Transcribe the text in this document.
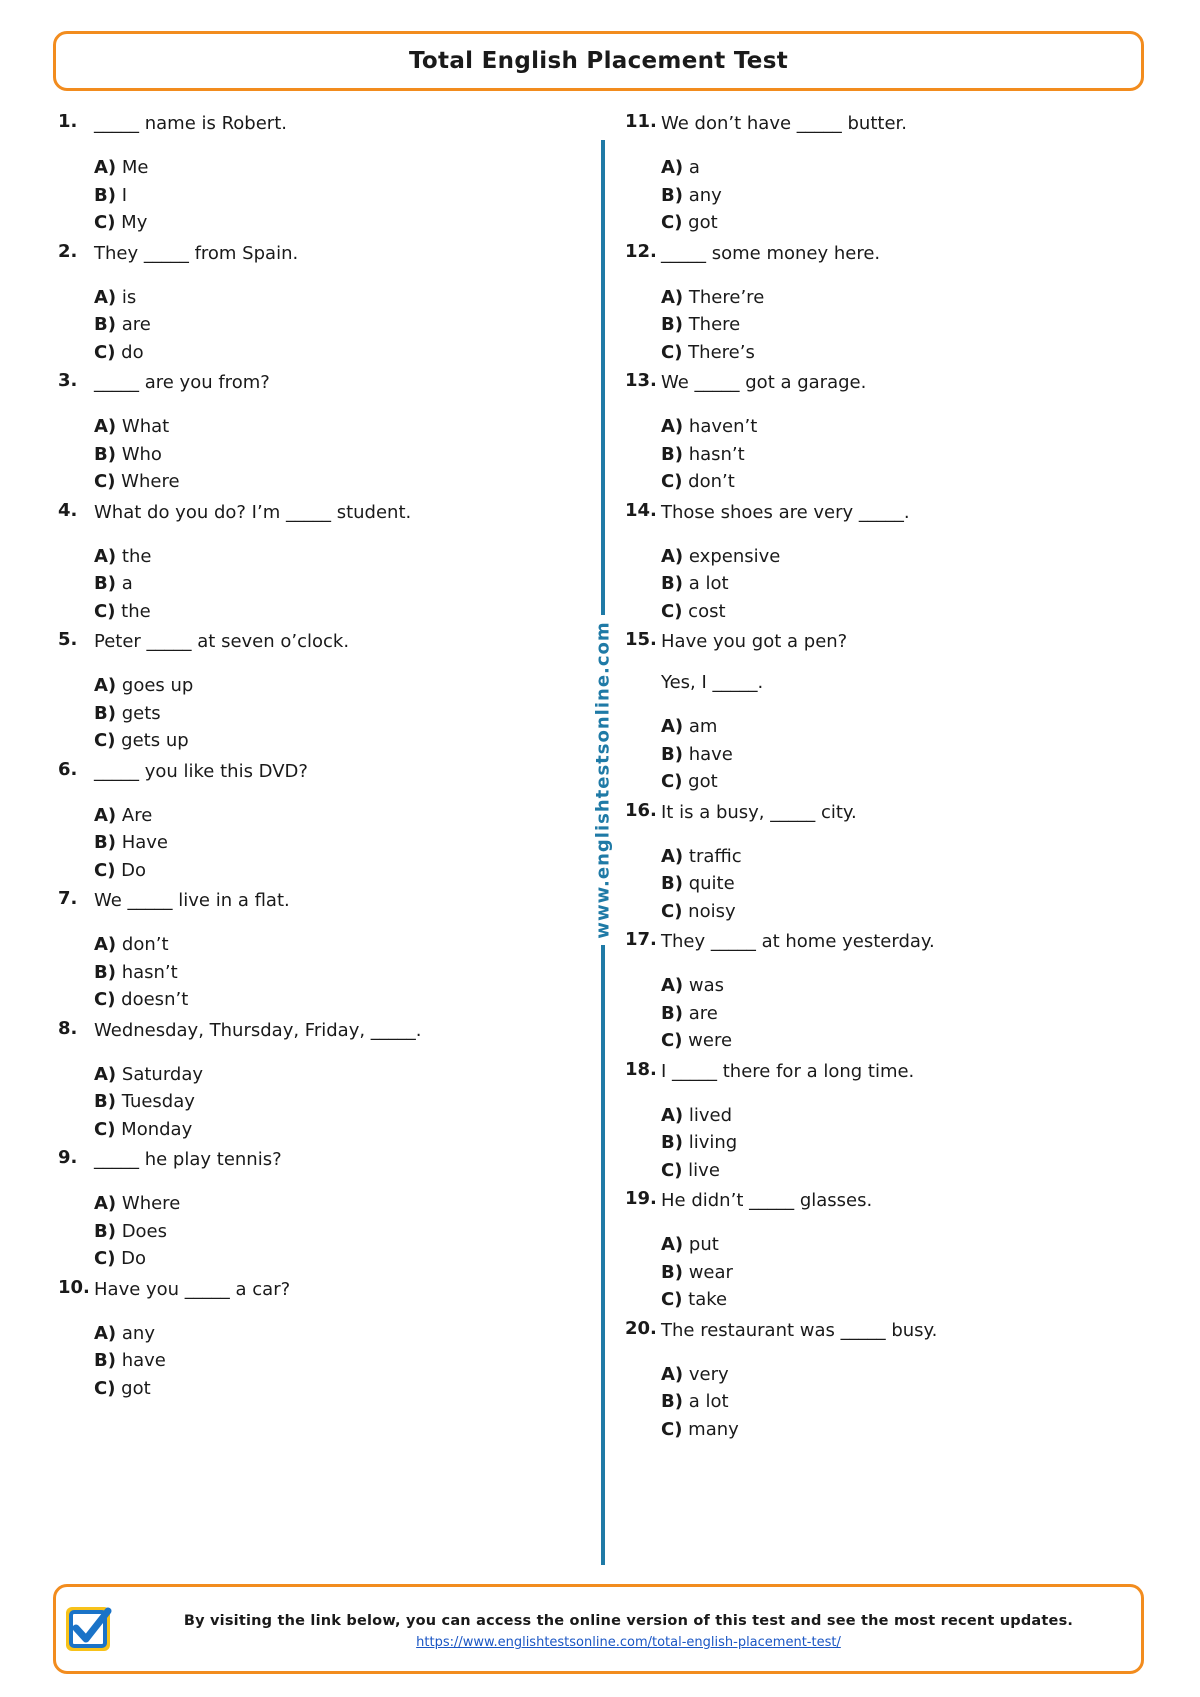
Total English Placement Test
1. _____ name is Robert.
A) Me
B) I
C) My
2. They _____ from Spain.
A) is
B) are
C) do
3. _____ are you from?
A) What
B) Who
C) Where
4. What do you do? I’m _____ student.
A) the
B) a
C) the
5. Peter _____ at seven o’clock.
A) goes up
B) gets
C) gets up
6. _____ you like this DVD?
A) Are
B) Have
C) Do
7. We _____ live in a flat.
A) don’t
B) hasn’t
C) doesn’t
8. Wednesday, Thursday, Friday, _____.
A) Saturday
B) Tuesday
C) Monday
9. _____ he play tennis?
A) Where
B) Does
C) Do
10. Have you _____ a car?
A) any
B) have
C) got
11. We don’t have _____ butter.
A) a
B) any
C) got
12. _____ some money here.
A) There’re
B) There
C) There’s
13. We _____ got a garage.
A) haven’t
B) hasn’t
C) don’t
14. Those shoes are very _____.
A) expensive
B) a lot
C) cost
15. Have you got a pen?
Yes, I _____.
A) am
B) have
C) got
16. It is a busy, _____ city.
A) traffic
B) quite
C) noisy
17. They _____ at home yesterday.
A) was
B) are
C) were
18. I _____ there for a long time.
A) lived
B) living
C) live
19. He didn’t _____ glasses.
A) put
B) wear
C) take
20. The restaurant was _____ busy.
A) very
B) a lot
C) many
www.englishtestsonline.com
By visiting the link below, you can access the online version of this test and see the most recent updates.
https://www.englishtestsonline.com/total-english-placement-test/
